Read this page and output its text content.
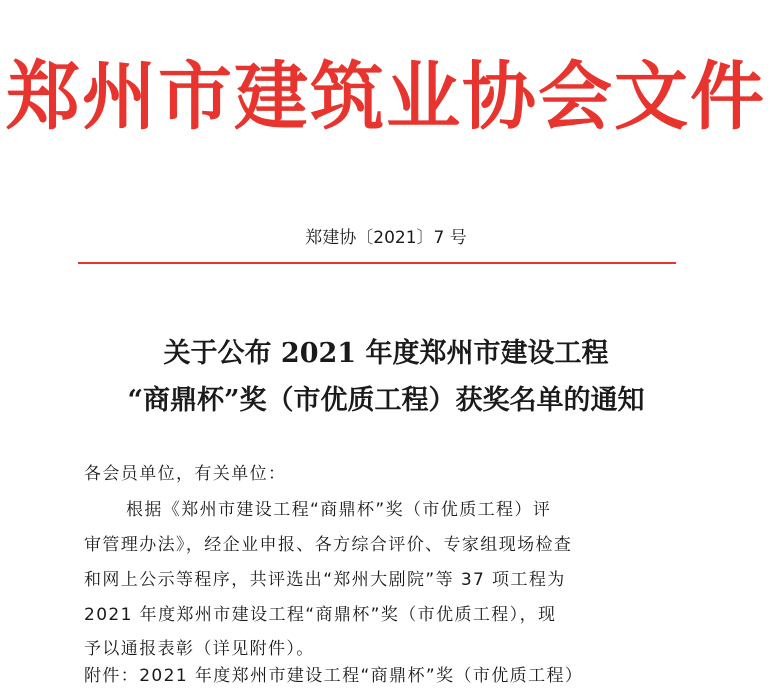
郑州市建筑业协会文件
郑建协〔2021〕7 号
关于公布 2021 年度郑州市建设工程
“商鼎杯”奖（市优质工程）获奖名单的通知
各会员单位，有关单位：
根据《郑州市建设工程“商鼎杯”奖（市优质工程）评
审管理办法》，经企业申报、各方综合评价、专家组现场检查
和网上公示等程序，共评选出“郑州大剧院”等 37 项工程为
2021 年度郑州市建设工程“商鼎杯”奖（市优质工程），现
予以通报表彰（详见附件）。
附件：2021 年度郑州市建设工程“商鼎杯”奖（市优质工程）
